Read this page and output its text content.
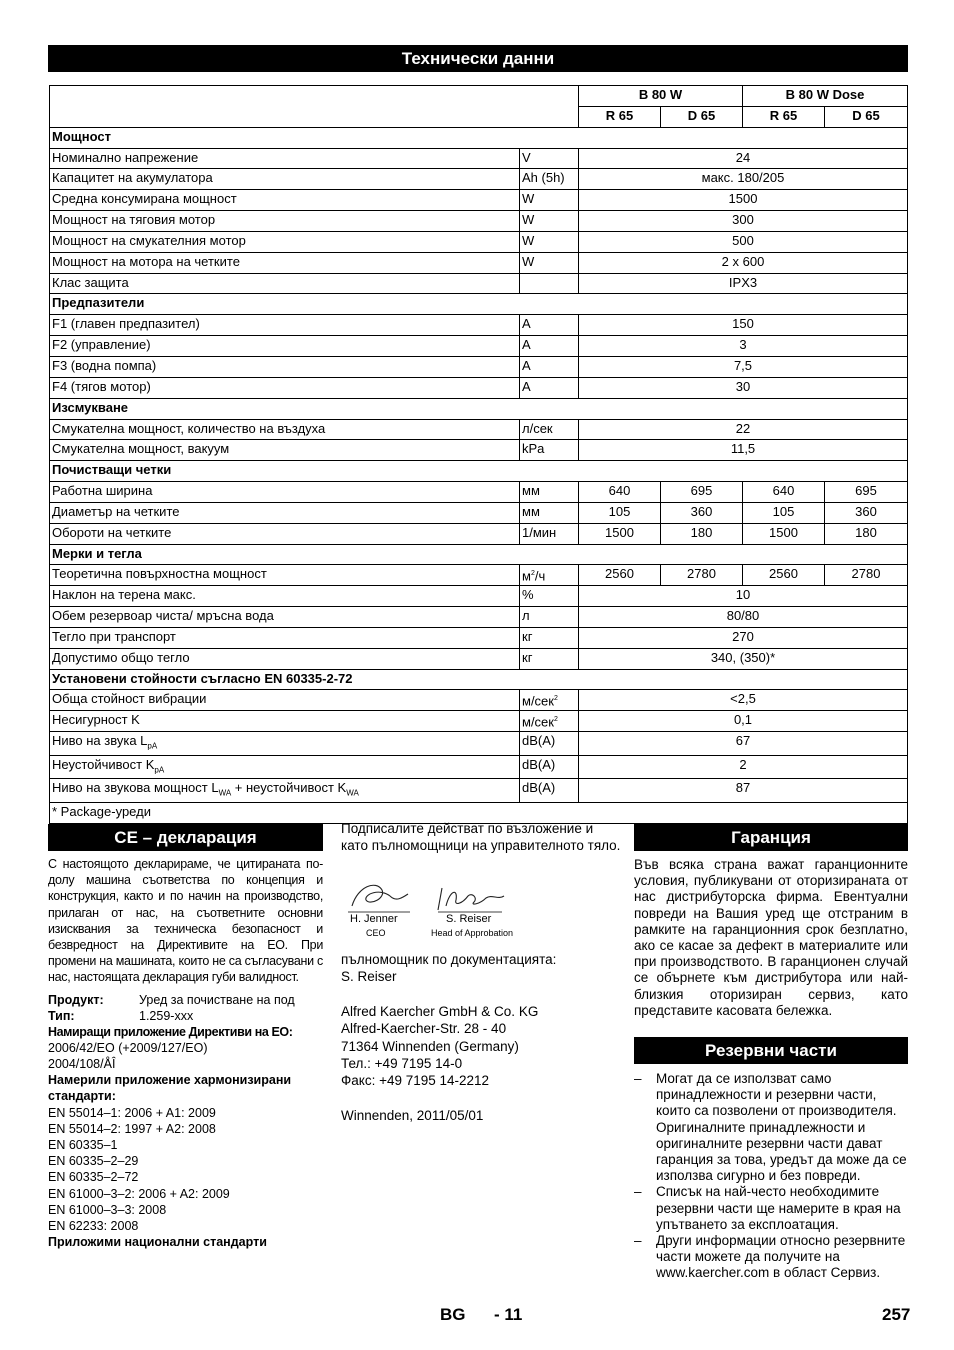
Технически данни
		B 80 W		B 80 W Dose	
		R 65	D 65	R 65	D 65
Мощност					
Номинално напрежение	V	24			
Капацитет на акумулатора	Ah (5h)	макс. 180/205			
Средна консумирана мощност	W	1500			
Мощност на тяговия мотор	W	300			
Мощност на смукателния мотор	W	500			
Мощност на мотора на четките	W	2 x 600			
Клас защита		IPX3			
Предпазители					
F1 (главен предпазител)	A	150			
F2 (управление)	A	3			
F3 (водна помпа)	A	7,5			
F4 (тягов мотор)	A	30			
Изсмукване					
Смукателна мощност, количество на въздуха	л/сек	22			
Смукателна мощност, вакуум	kPa	11,5			
Почистващи четки					
Работна ширина	мм	640	695	640	695
Диаметър на четките	мм	105	360	105	360
Обороти на четките	1/мин	1500	180	1500	180
Мерки и тегла					
Теоретична повърхностна мощност	$м^2/ч$	2560	2780	2560	2780
Наклон на терена макс.	%	10			
Обем резервоар чиста/ мръсна вода	л	80/80			
Тегло при транспорт	кг	270			
Допустимо общо тегло	кг	340, (350)*			
Установени стойности съгласно EN 60335-2-72					
Обща стойност вибрации	м/сек$^2$	<2,5			
Несигурност K	м/сек$^2$	0,1			
Ниво на звука $L_{pA}$	dB(A)	67			
Неустойчивост $K_{pA}$	dB(A)	2			
Ниво на звукова мощност $L_{WA}$ + неустойчивост $K_{WA}$	dB(A)	87			
* Package-уреди					
CE – декларация

С настоящото декларираме, че цитираната по-долу машина съответства по концепция и конструкция, както и по начин на производство, прилаган от нас, на съответните основни изисквания за техническа безопасност и безвредност на Директивите на ЕО. При промени на машината, които не са съгласувани с нас, настоящата декларация губи валидност.

Продукт:	Уред за почистване на под
Тип:	1.259-xxx
Намиращи приложение Директиви на ЕО:
2006/42/ЕО (+2009/127/EО)
2004/108/ÅÎ
Намерили приложение хармонизирани стандарти:
EN 55014–1: 2006 + A1: 2009
EN 55014–2: 1997 + A2: 2008
EN 60335–1
EN 60335–2–29
EN 60335–2–72
EN 61000–3–2: 2006 + A2: 2009
EN 61000–3–3: 2008
EN 62233: 2008
Приложими национални стандарти
Подписалите действат по възложение и като пълномощници на управителното тяло.
H. Jenner
CEO
S. Reiser
Head of Approbation
пълномощник по документацията:
S. Reiser
Alfred Kaercher GmbH & Co. KG
Alfred-Kaercher-Str. 28 - 40
71364 Winnenden (Germany)
Тел.: +49 7195 14-0
Факс: +49 7195 14-2212
Winnenden, 2011/05/01
Гаранция
Във всяка страна важат гаранционните условия, публикувани от оторизираната от нас дистрибуторска фирма. Евентуални повреди на Вашия уред ще отстраним в рамките на гаранционния срок безплатно, ако се касае за дефект в материалите или при производството. В гаранционен случай се обърнете към дистрибутора или най-близкия оторизиран сервиз, като представите касовата бележка.
Резервни части
– Могат да се използват само принадлежности и резервни части, които са позволени от производителя. Оригиналните принадлежности и оригиналните резервни части дават гаранция за това, уредът да може да се използва сигурно и без повреди.
– Списък на най-често необходимите резервни части ще намерите в края на упътването за експлоатация.
– Други информации относно резервните части можете да получите на www.kaercher.com в област Сервиз.
BG - 11	257
